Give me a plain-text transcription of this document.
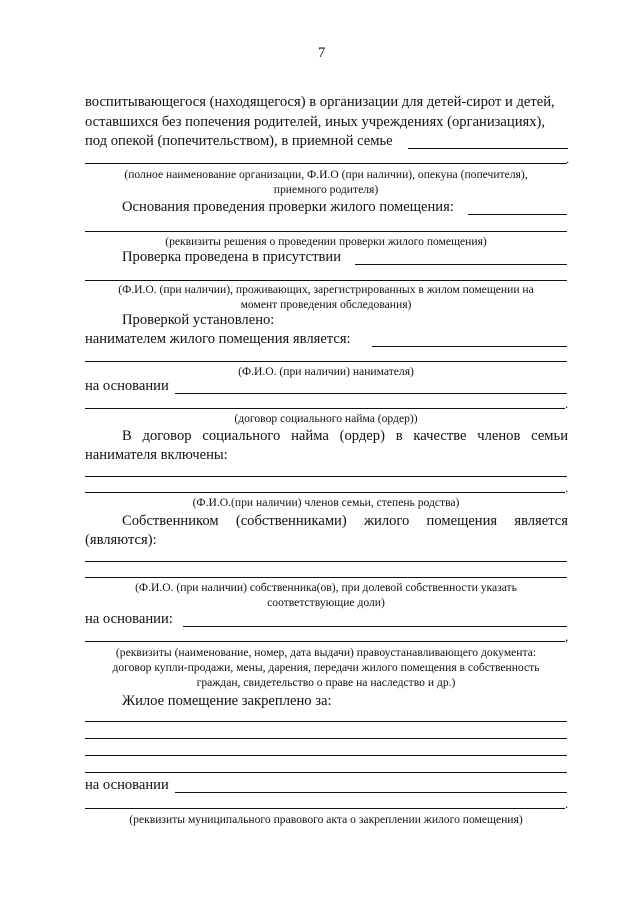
7
воспитывающегося (находящегося) в организации для детей-сирот и детей,
оставшихся без попечения родителей, иных учреждениях (организациях),
под опекой (попечительством), в приемной семье
.
(полное наименование организации, Ф.И.О (при наличии), опекуна (попечителя),
приемного родителя)
Основания проведения проверки жилого помещения:
(реквизиты решения о проведении проверки жилого помещения)
Проверка проведена в присутствии
(Ф.И.О. (при наличии), проживающих, зарегистрированных в жилом помещении на
момент проведения обследования)
Проверкой установлено:
нанимателем жилого помещения является:
(Ф.И.О. (при наличии) нанимателя)
на основании
.
(договор социального найма (ордер))
В договор социального найма (ордер) в качестве членов семьи
нанимателя включены:
.
(Ф.И.О.(при наличии) членов семьи, степень родства)
Собственником (собственниками) жилого помещения является
(являются):
(Ф.И.О. (при наличии) собственника(ов), при долевой собственности указать
соответствующие доли)
на основании:
,
(реквизиты (наименование, номер, дата выдачи) правоустанавливающего документа:
договор купли-продажи, мены, дарения, передачи жилого помещения в собственность
граждан, свидетельство о праве на наследство и др.)
Жилое помещение закреплено за:
на основании
.
(реквизиты муниципального правового акта о закреплении жилого помещения)
